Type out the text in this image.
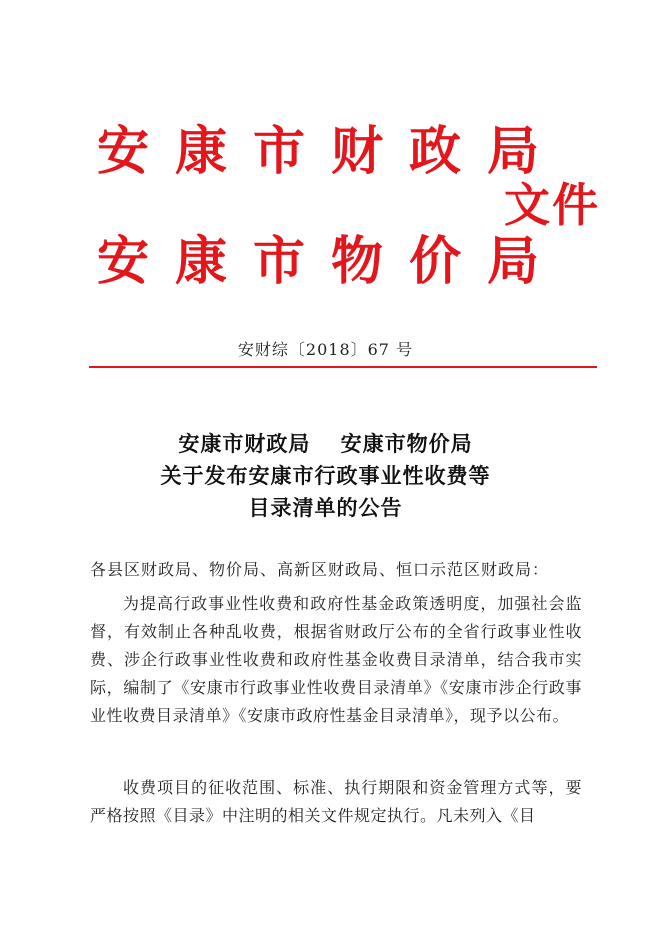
安康市财政局
安康市物价局
文件
安财综〔2018〕67 号
安康市财政局　 安康市物价局
关于发布安康市行政事业性收费等
目录清单的公告
各县区财政局、物价局、高新区财政局、恒口示范区财政局：

为提高行政事业性收费和政府性基金政策透明度，加强社会监督，有效制止各种乱收费，根据省财政厅公布的全省行政事业性收费、涉企行政事业性收费和政府性基金收费目录清单，结合我市实际，编制了《安康市行政事业性收费目录清单》《安康市涉企行政事业性收费目录清单》《安康市政府性基金目录清单》，现予以公布。

收费项目的征收范围、标准、执行期限和资金管理方式等，要严格按照《目录》中注明的相关文件规定执行。凡未列入《目
